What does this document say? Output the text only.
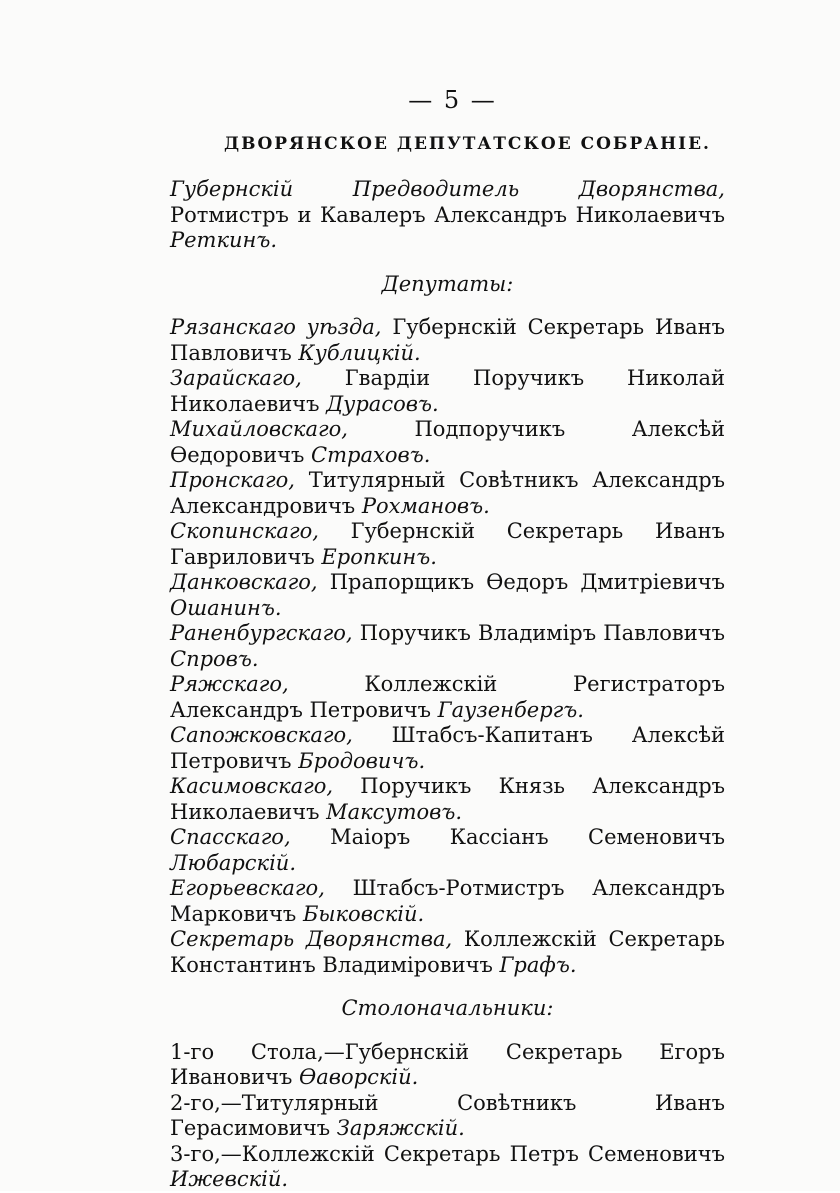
— 5 —
ДВОРЯНСКОЕ ДЕПУТАТСКОЕ СОБРАНІЕ.

Губернскій Предводитель Дворянства, Ротмистръ и Кавалеръ Александръ Николаевичъ Реткинъ.

Депутаты:

Рязанскаго уѣзда, Губернскій Секретарь Иванъ Павловичъ Кублицкій.

Зарайскаго, Гвардіи Поручикъ Николай Николаевичъ Дурасовъ.

Михайловскаго, Подпоручикъ Алексѣй Ѳедоровичъ Страховъ.

Пронскаго, Титулярный Совѣтникъ Александръ Александровичъ Рохмановъ.

Скопинскаго, Губернскій Секретарь Иванъ Гавриловичъ Еропкинъ.

Данковскаго, Прапорщикъ Ѳедоръ Дмитріевичъ Ошанинъ.

Раненбургскаго, Поручикъ Владиміръ Павловичъ Спровъ.

Ряжскаго, Коллежскій Регистраторъ Александръ Петровичъ Гаузенбергъ.

Сапожковскаго, Штабсъ-Капитанъ Алексѣй Петровичъ Бродовичъ.

Касимовскаго, Поручикъ Князь Александръ Николаевичъ Максутовъ.

Спасскаго, Маіоръ Кассіанъ Семеновичъ Любарскій.

Егорьевскаго, Штабсъ-Ротмистръ Александръ Марковичъ Быковскій.

Секретарь Дворянства, Коллежскій Секретарь Константинъ Владиміровичъ Графъ.

Столоначальники:

1-го Стола,—Губернскій Секретарь Егоръ Ивановичъ Ѳаворскій.

2-го,—Титулярный Совѣтникъ Иванъ Герасимовичъ Заряжскій.

3-го,—Коллежскій Секретарь Петръ Семеновичъ Ижевскій.
